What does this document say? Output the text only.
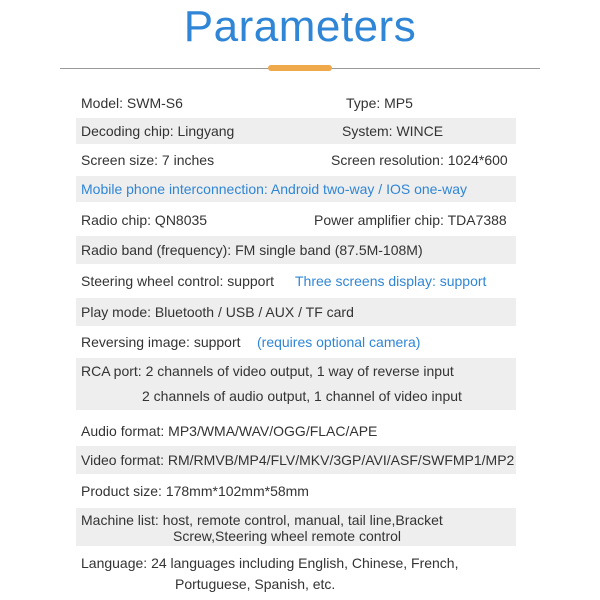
Parameters
Model: SWM-S6	Type: MP5
Decoding chip: Lingyang	System: WINCE
Screen size: 7 inches	Screen resolution: 1024*600
Mobile phone interconnection: Android two-way / IOS one-way
Radio chip: QN8035	Power amplifier chip: TDA7388
Radio band (frequency): FM single band (87.5M-108M)
Steering wheel control: support Three screens display: support
Play mode: Bluetooth / USB / AUX / TF card
Reversing image: support (requires optional camera)
RCA port: 2 channels of video output, 1 way of reverse input
2 channels of audio output, 1 channel of video input
Audio format: MP3/WMA/WAV/OGG/FLAC/APE
Video format: RM/RMVB/MP4/FLV/MKV/3GP/AVI/ASF/SWFMP1/MP2
Product size: 178mm*102mm*58mm
Machine list: host, remote control, manual, tail line,Bracket
Screw,Steering wheel remote control
Language: 24 languages including English, Chinese, French,
Portuguese, Spanish, etc.
